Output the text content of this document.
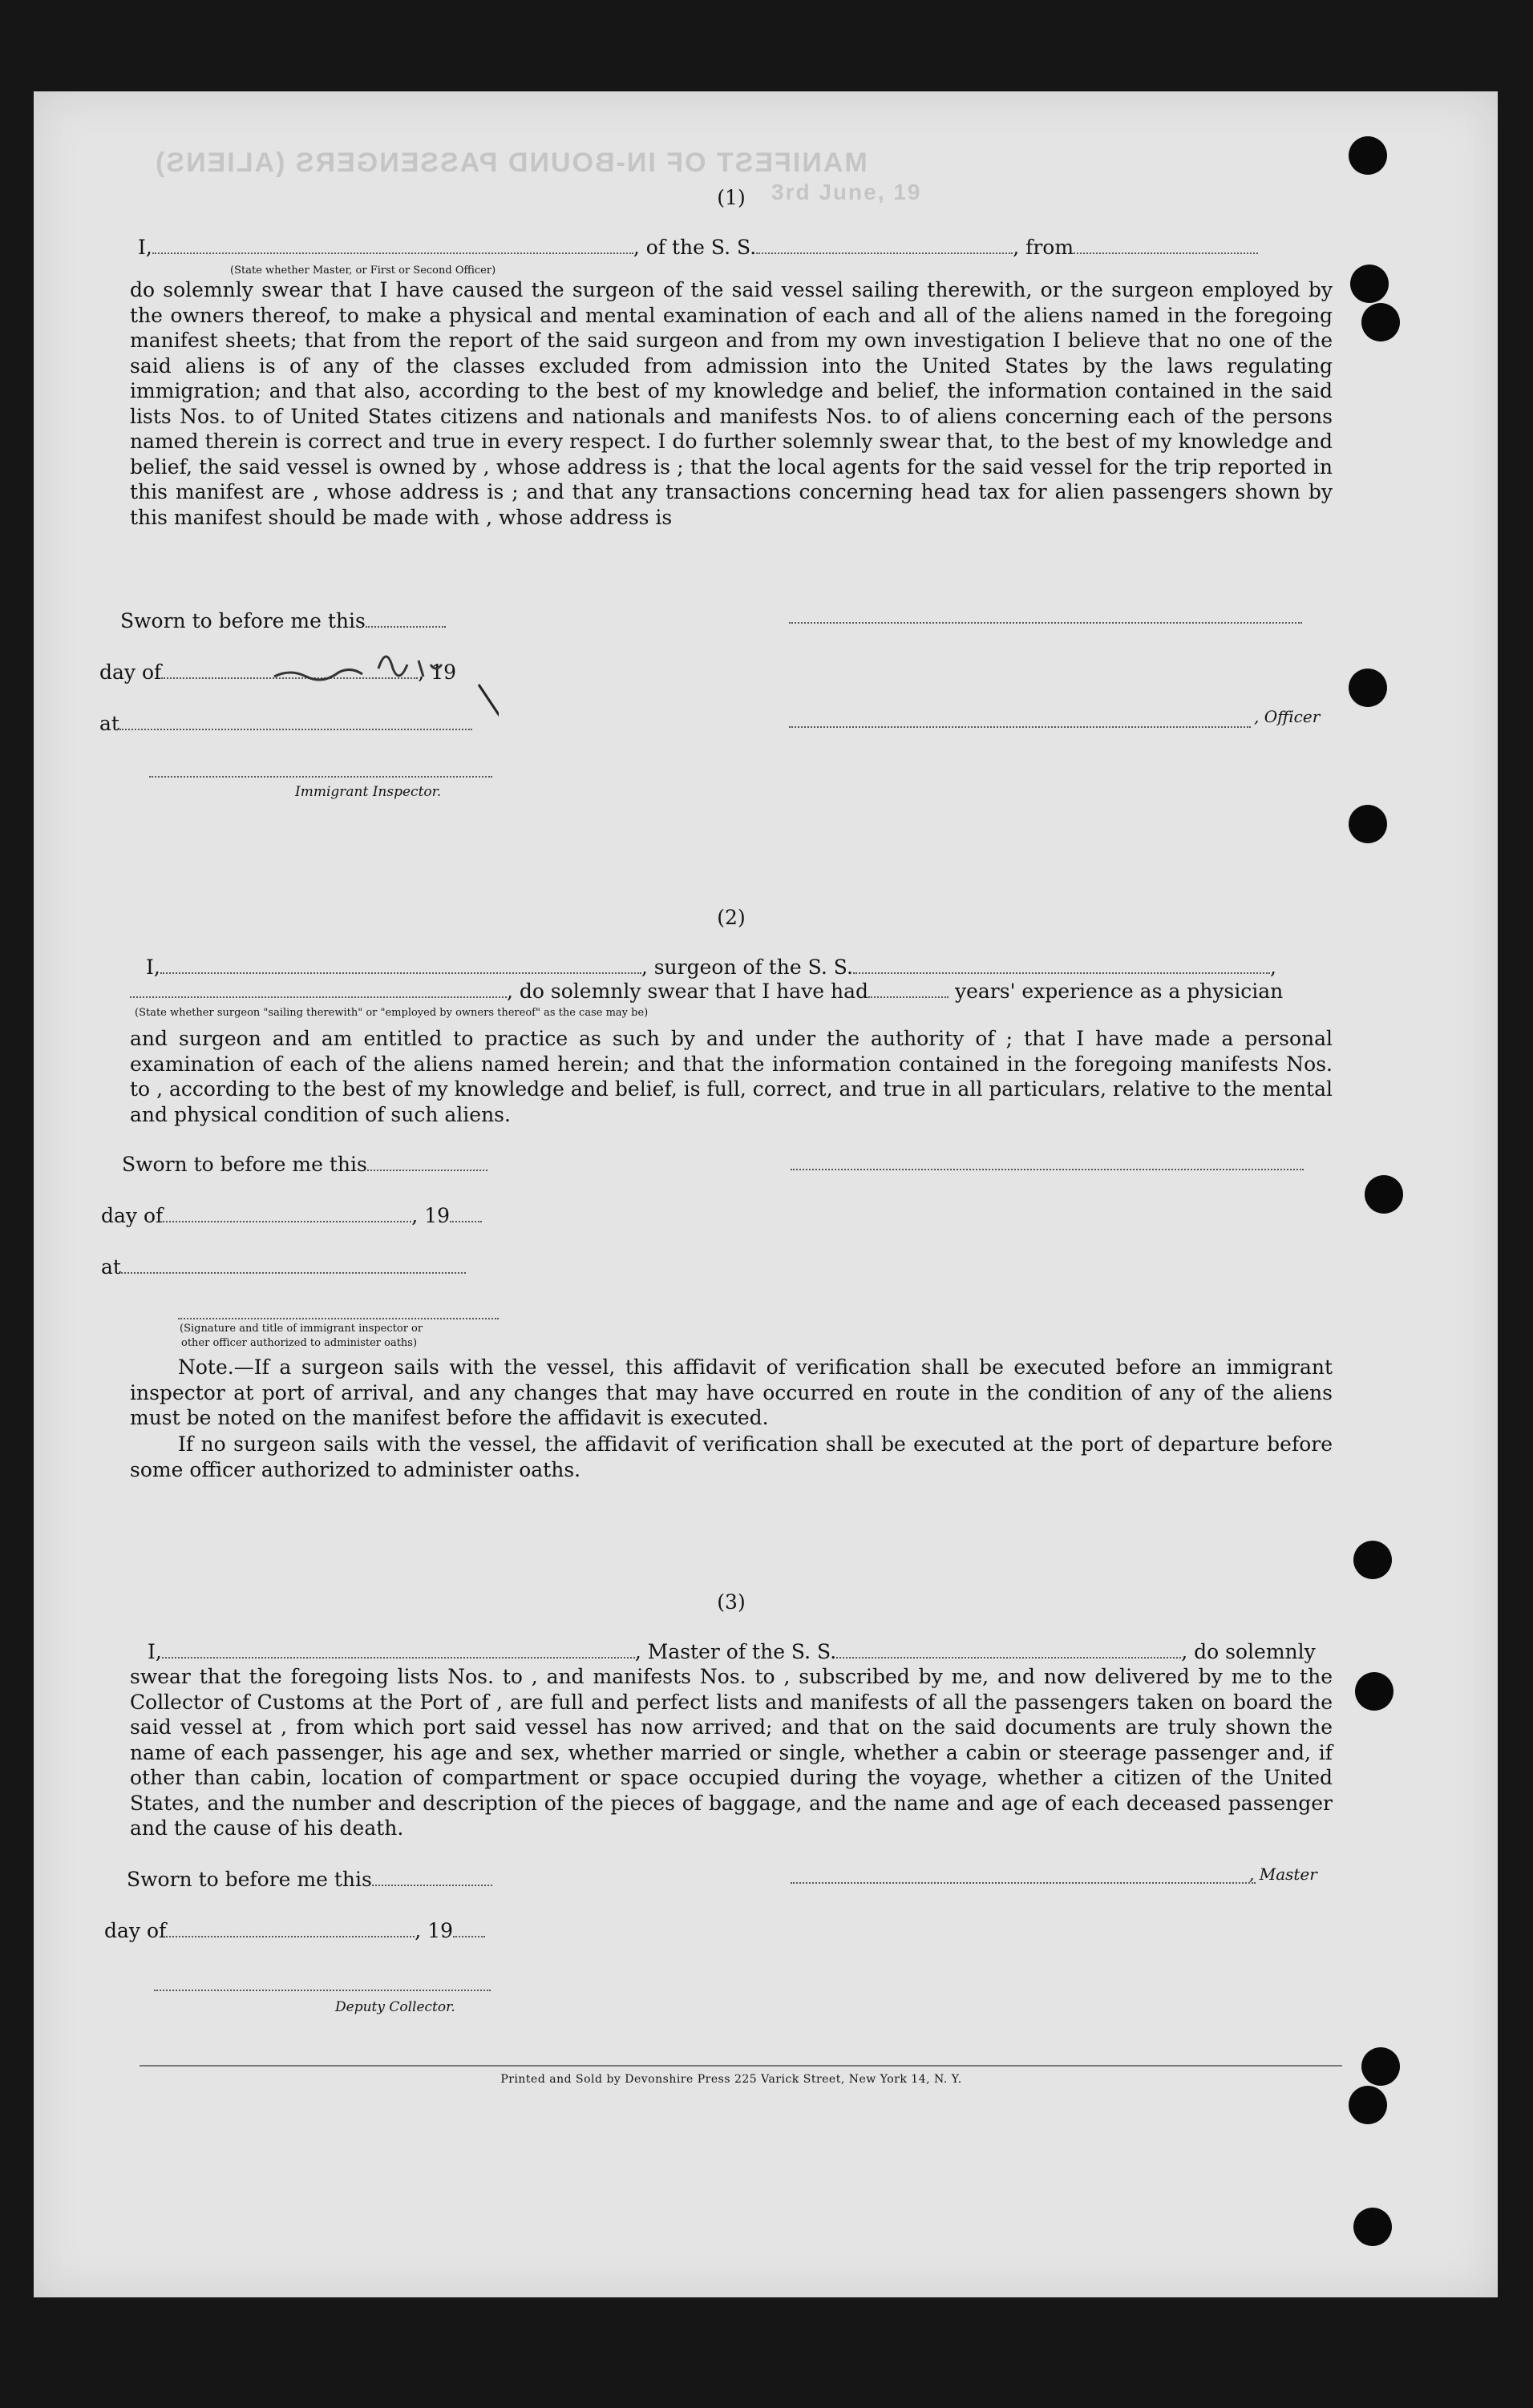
MANIFEST OF IN-BOUND PASSENGERS (ALIENS)
3rd June, 19
(1)
I,	, of the S. S.	, from
(State whether Master, or First or Second Officer)

do solemnly swear that I have caused the surgeon of the said vessel sailing therewith, or the surgeon employed by the owners thereof, to make a physical and mental examination of each and all of the aliens named in the foregoing manifest sheets; that from the report of the said surgeon and from my own investigation I believe that no one of the said aliens is of any of the classes excluded from admission into the United States by the laws regulating immigration; and that also, according to the best of my knowledge and belief, the information contained in the said lists Nos. to of United States citizens and nationals and manifests Nos. to of aliens concerning each of the persons named therein is correct and true in every respect. I do further solemnly swear that, to the best of my knowledge and belief, the said vessel is owned by , whose address is ; that the local agents for the said vessel for the trip reported in this manifest are , whose address is ; and that any transactions concerning head tax for alien passengers shown by this manifest should be made with , whose address is

Sworn to before me this
day of	, 19
at	, Officer
Immigrant Inspector.
(2)
I,	, surgeon of the S. S.	,
, do solemnly swear that I have had	years' experience as a physician
(State whether surgeon "sailing therewith" or "employed by owners thereof" as the case may be)

and surgeon and am entitled to practice as such by and under the authority of ; that I have made a personal examination of each of the aliens named herein; and that the information contained in the foregoing manifests Nos. to , according to the best of my knowledge and belief, is full, correct, and true in all particulars, relative to the mental and physical condition of such aliens.

Sworn to before me this
day of	, 19
at
(Signature and title of immigrant inspector or
other officer authorized to administer oaths)

Note.—If a surgeon sails with the vessel, this affidavit of verification shall be executed before an immigrant inspector at port of arrival, and any changes that may have occurred en route in the condition of any of the aliens must be noted on the manifest before the affidavit is executed.

If no surgeon sails with the vessel, the affidavit of verification shall be executed at the port of departure before some officer authorized to administer oaths.

(3)
I,	, Master of the S. S.	, do solemnly

swear that the foregoing lists Nos. to , and manifests Nos. to , subscribed by me, and now delivered by me to the Collector of Customs at the Port of , are full and perfect lists and manifests of all the passengers taken on board the said vessel at , from which port said vessel has now arrived; and that on the said documents are truly shown the name of each passenger, his age and sex, whether married or single, whether a cabin or steerage passenger and, if other than cabin, location of compartment or space occupied during the voyage, whether a citizen of the United States, and the number and description of the pieces of baggage, and the name and age of each deceased passenger and the cause of his death.

Sworn to before me this	, Master
day of	, 19
Deputy Collector.
Printed and Sold by Devonshire Press 225 Varick Street, New York 14, N. Y.
